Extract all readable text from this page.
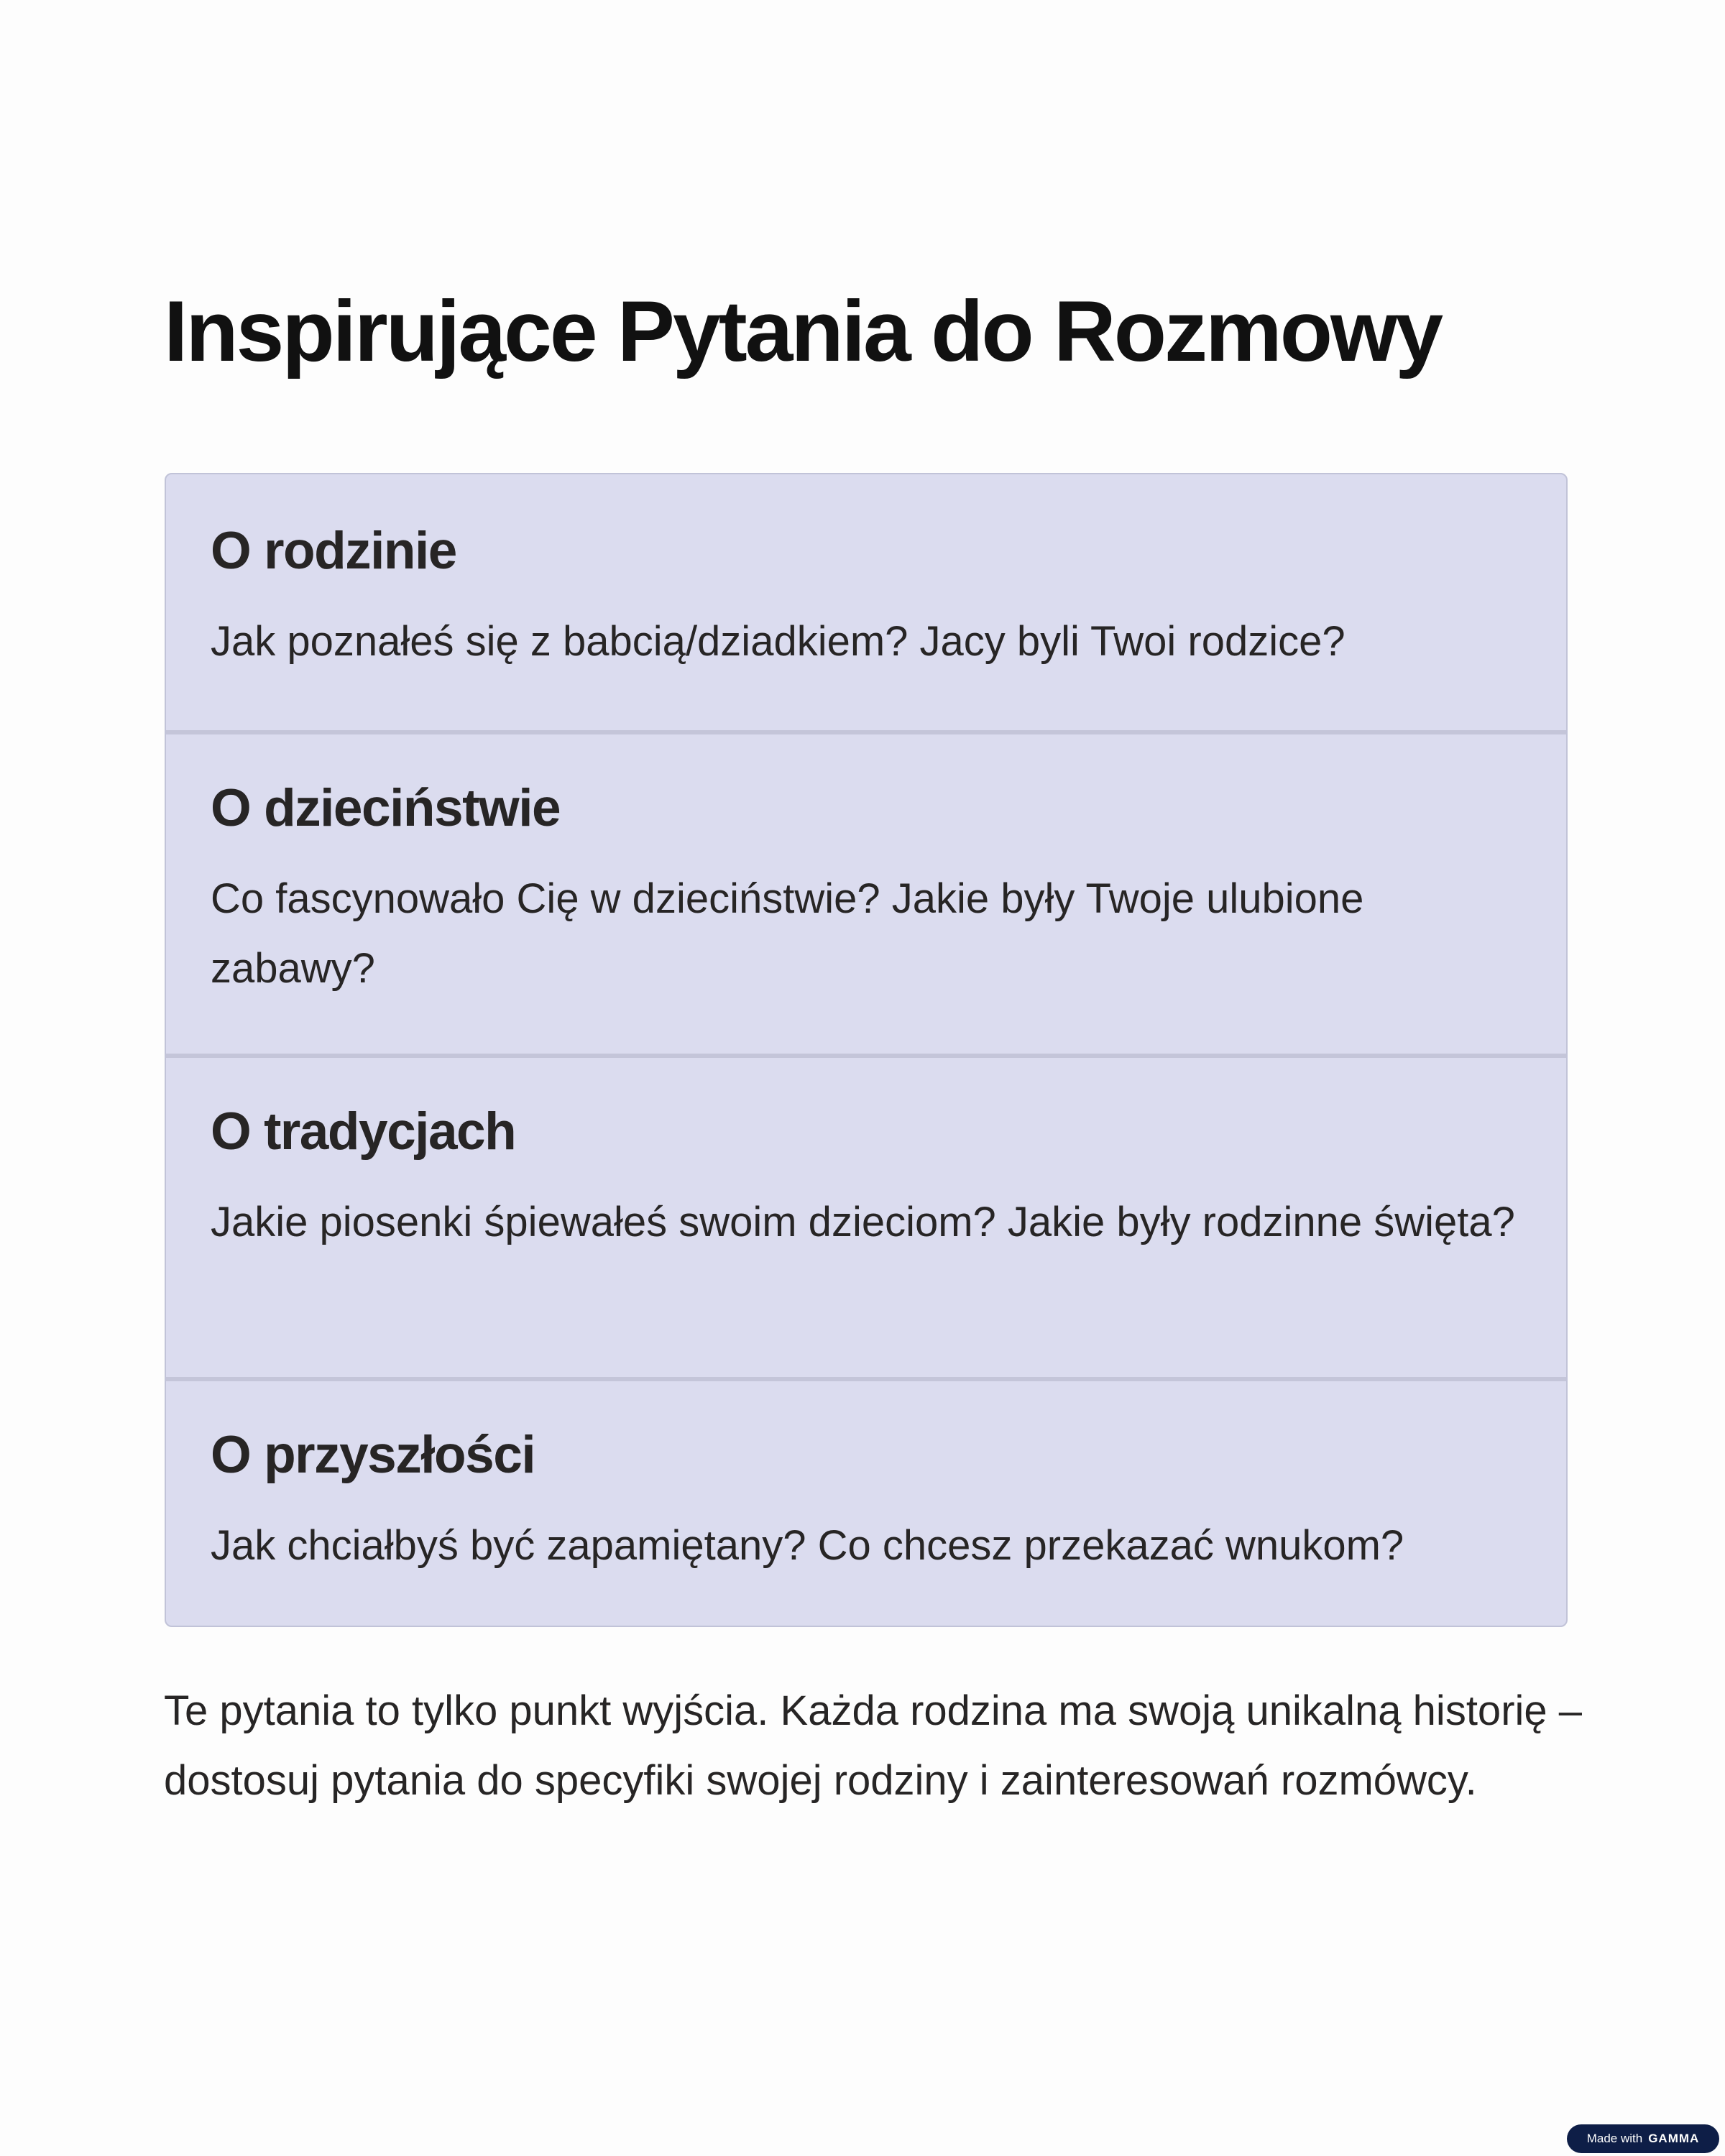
Inspirujące Pytania do Rozmowy
O rodzinie

Jak poznałeś się z babcią/dziadkiem? Jacy byli Twoi rodzice?

O dzieciństwie

Co fascynowało Cię w dzieciństwie? Jakie były Twoje ulubione zabawy?

O tradycjach

Jakie piosenki śpiewałeś swoim dzieciom? Jakie były rodzinne święta?

O przyszłości

Jak chciałbyś być zapamiętany? Co chcesz przekazać wnukom?

Te pytania to tylko punkt wyjścia. Każda rodzina ma swoją unikalną historię – dostosuj pytania do specyfiki swojej rodziny i zainteresowań rozmówcy.

Made with GAMMA
